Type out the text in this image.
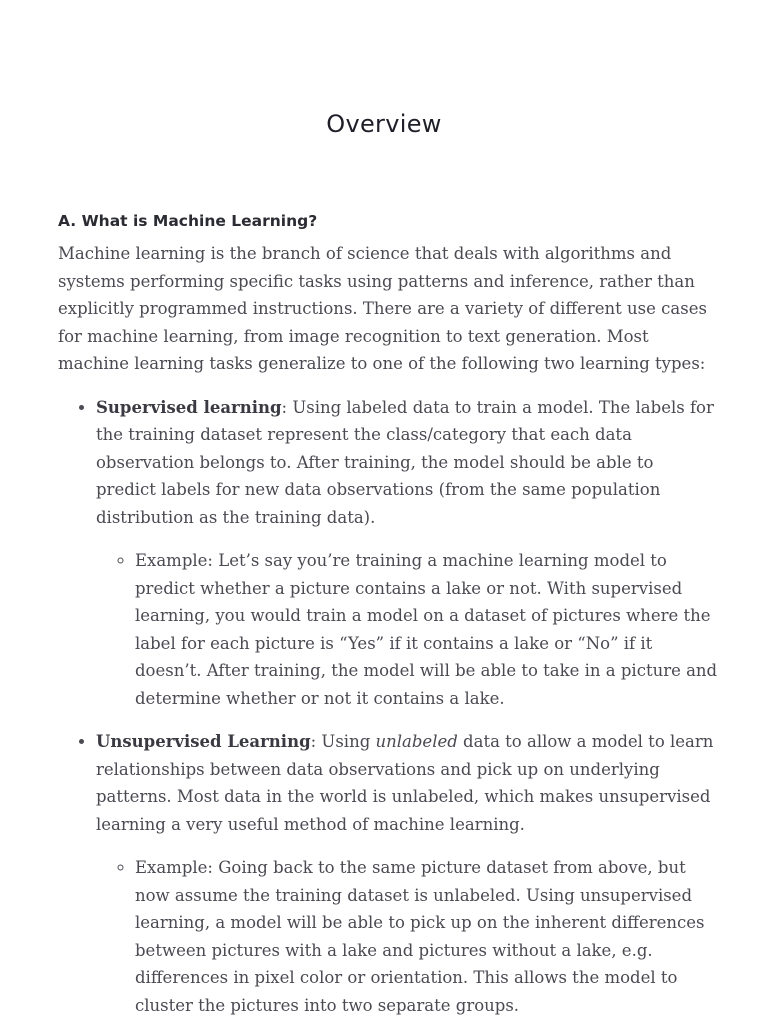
Overview
A. What is Machine Learning?

Machine learning is the branch of science that deals with algorithms and systems performing specific tasks using patterns and inference, rather than explicitly programmed instructions. There are a variety of different use cases for machine learning, from image recognition to text generation. Most machine learning tasks generalize to one of the following two learning types:

• Supervised learning: Using labeled data to train a model. The labels for the training dataset represent the class/category that each data observation belongs to. After training, the model should be able to predict labels for new data observations (from the same population distribution as the training data).
◦ Example: Let’s say you’re training a machine learning model to predict whether a picture contains a lake or not. With supervised learning, you would train a model on a dataset of pictures where the label for each picture is “Yes” if it contains a lake or “No” if it doesn’t. After training, the model will be able to take in a picture and determine whether or not it contains a lake.
• Unsupervised Learning: Using unlabeled data to allow a model to learn relationships between data observations and pick up on underlying patterns. Most data in the world is unlabeled, which makes unsupervised learning a very useful method of machine learning.
◦ Example: Going back to the same picture dataset from above, but now assume the training dataset is unlabeled. Using unsupervised learning, a model will be able to pick up on the inherent differences between pictures with a lake and pictures without a lake, e.g. differences in pixel color or orientation. This allows the model to cluster the pictures into two separate groups.
